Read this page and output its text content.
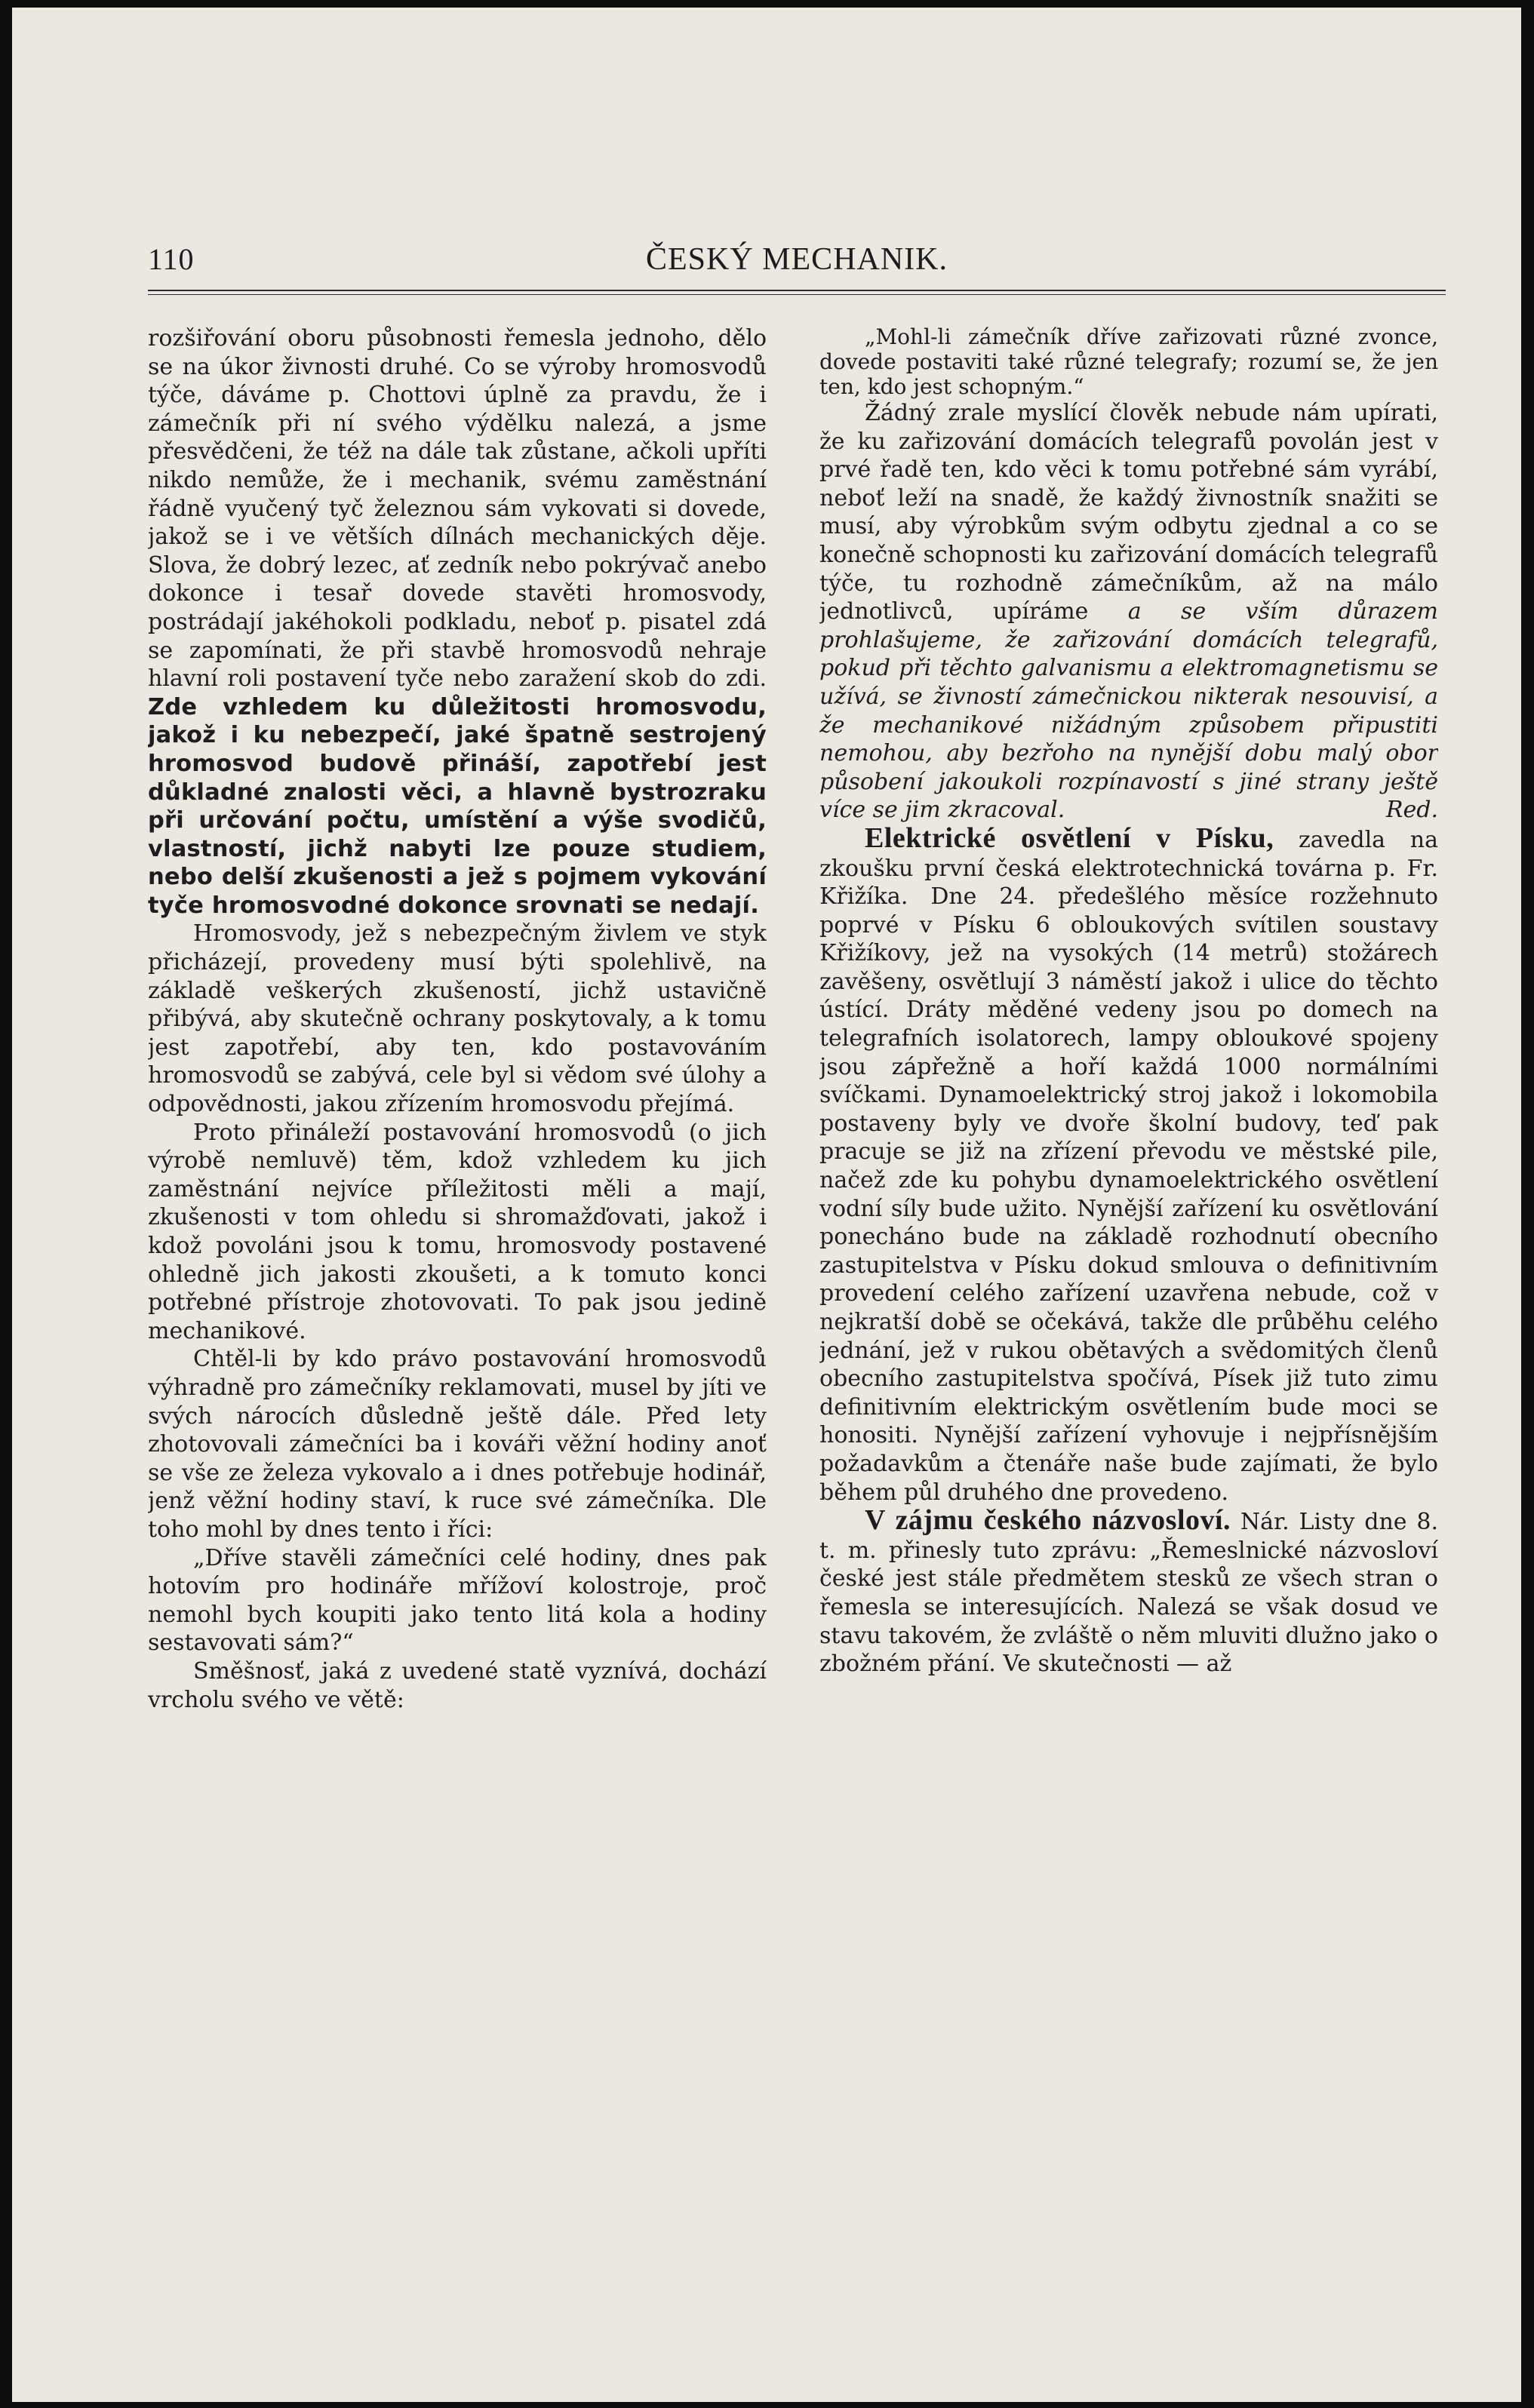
110	ČESKÝ MECHANIK.

rozšiřování oboru působnosti řemesla jednoho, dělo se na úkor živnosti druhé. Co se výroby hromosvodů týče, dáváme p. Chottovi úplně za pravdu, že i zámečník při ní svého výdělku nalezá, a jsme přesvědčeni, že též na dále tak zůstane, ačkoli upříti nikdo nemůže, že i mechanik, svému zaměstnání řádně vyučený tyč železnou sám vykovati si dovede, jakož se i ve větších dílnách mechanických děje. Slova, že dobrý lezec, ať zedník nebo pokrývač anebo dokonce i tesař dovede stavěti hromosvody, postrádají jakéhokoli podkladu, neboť p. pisatel zdá se zapomínati, že při stavbě hromosvodů nehraje hlavní roli postavení tyče nebo zaražení skob do zdi. Zde vzhledem ku důležitosti hromosvodu, jakož i ku nebezpečí, jaké špatně sestrojený hromosvod budově přináší, zapotřebí jest důkladné znalosti věci, a hlavně bystrozraku při určování počtu, umístění a výše svodičů, vlastností, jichž nabyti lze pouze studiem, nebo delší zkušenosti a jež s pojmem vykování tyče hromosvodné dokonce srovnati se nedají.

Hromosvody, jež s nebezpečným živlem ve styk přicházejí, provedeny musí býti spolehlivě, na základě veškerých zkušeností, jichž ustavičně přibývá, aby skutečně ochrany poskytovaly, a k tomu jest zapotřebí, aby ten, kdo postavováním hromosvodů se zabývá, cele byl si vědom své úlohy a odpovědnosti, jakou zřízením hromosvodu přejímá.

Proto přináleží postavování hromosvodů (o jich výrobě nemluvě) těm, kdož vzhledem ku jich zaměstnání nejvíce příležitosti měli a mají, zkušenosti v tom ohledu si shromažďovati, jakož i kdož povoláni jsou k tomu, hromosvody postavené ohledně jich jakosti zkoušeti, a k tomuto konci potřebné přístroje zhotovovati. To pak jsou jedině mechanikové.

Chtěl-li by kdo právo postavování hromosvodů výhradně pro zámečníky reklamovati, musel by jíti ve svých nárocích důsledně ještě dále. Před lety zhotovovali zámečníci ba i kováři věžní hodiny anoť se vše ze železa vykovalo a i dnes potřebuje hodinář, jenž věžní hodiny staví, k ruce své zámečníka. Dle toho mohl by dnes tento i říci:

„Dříve stavěli zámečníci celé hodiny, dnes pak hotovím pro hodináře mřížoví kolostroje, proč nemohl bych koupiti jako tento litá kola a hodiny sestavovati sám?“

Směšnosť, jaká z uvedené statě vyznívá, dochází vrcholu svého ve větě:

„Mohl-li zámečník dříve zařizovati různé zvonce, dovede postaviti také různé telegrafy; rozumí se, že jen ten, kdo jest schopným.“

Žádný zrale myslící člověk nebude nám upírati, že ku zařizování domácích telegrafů povolán jest v prvé řadě ten, kdo věci k tomu potřebné sám vyrábí, neboť leží na snadě, že každý živnostník snažiti se musí, aby výrobkům svým odbytu zjednal a co se konečně schopnosti ku zařizování domácích telegrafů týče, tu rozhodně zámečníkům, až na málo jednotlivců, upíráme a se vším důrazem prohlašujeme, že zařizování domácích telegrafů, pokud při těchto galvanismu a elektromagnetismu se užívá, se živností zámečnickou nikterak nesouvisí, a že mechanikové nižádným způsobem připustiti nemohou, aby bezřoho na nynější dobu malý obor působení jakoukoli rozpínavostí s jiné strany ještě více se jim zkracoval.	Red.

Elektrické osvětlení v Písku, zavedla na zkoušku první česká elektrotechnická továrna p. Fr. Křižíka. Dne 24. předešlého měsíce rozžehnuto poprvé v Písku 6 obloukových svítilen soustavy Křižíkovy, jež na vysokých (14 metrů) stožárech zavěšeny, osvětlují 3 náměstí jakož i ulice do těchto ústící. Dráty měděné vedeny jsou po domech na telegrafních isolatorech, lampy obloukové spojeny jsou zápřežně a hoří každá 1000 normálními svíčkami. Dynamoelektrický stroj jakož i lokomobila postaveny byly ve dvoře školní budovy, teď pak pracuje se již na zřízení převodu ve městské pile, načež zde ku pohybu dynamoelektrického osvětlení vodní síly bude užito. Nynější zařízení ku osvětlování ponecháno bude na základě rozhodnutí obecního zastupitelstva v Písku dokud smlouva o definitivním provedení celého zařízení uzavřena nebude, což v nejkratší době se očekává, takže dle průběhu celého jednání, jež v rukou obětavých a svědomitých členů obecního zastupitelstva spočívá, Písek již tuto zimu definitivním elektrickým osvětlením bude moci se honositi. Nynější zařízení vyhovuje i nejpřísnějším požadavkům a čtenáře naše bude zajímati, že bylo během půl druhého dne provedeno.

V zájmu českého názvosloví. Nár. Listy dne 8. t. m. přinesly tuto zprávu: „Řemeslnické názvosloví české jest stále předmětem stesků ze všech stran o řemesla se interesujících. Nalezá se však dosud ve stavu takovém, že zvláště o něm mluviti dlužno jako o zbožném přání. Ve skutečnosti — až
